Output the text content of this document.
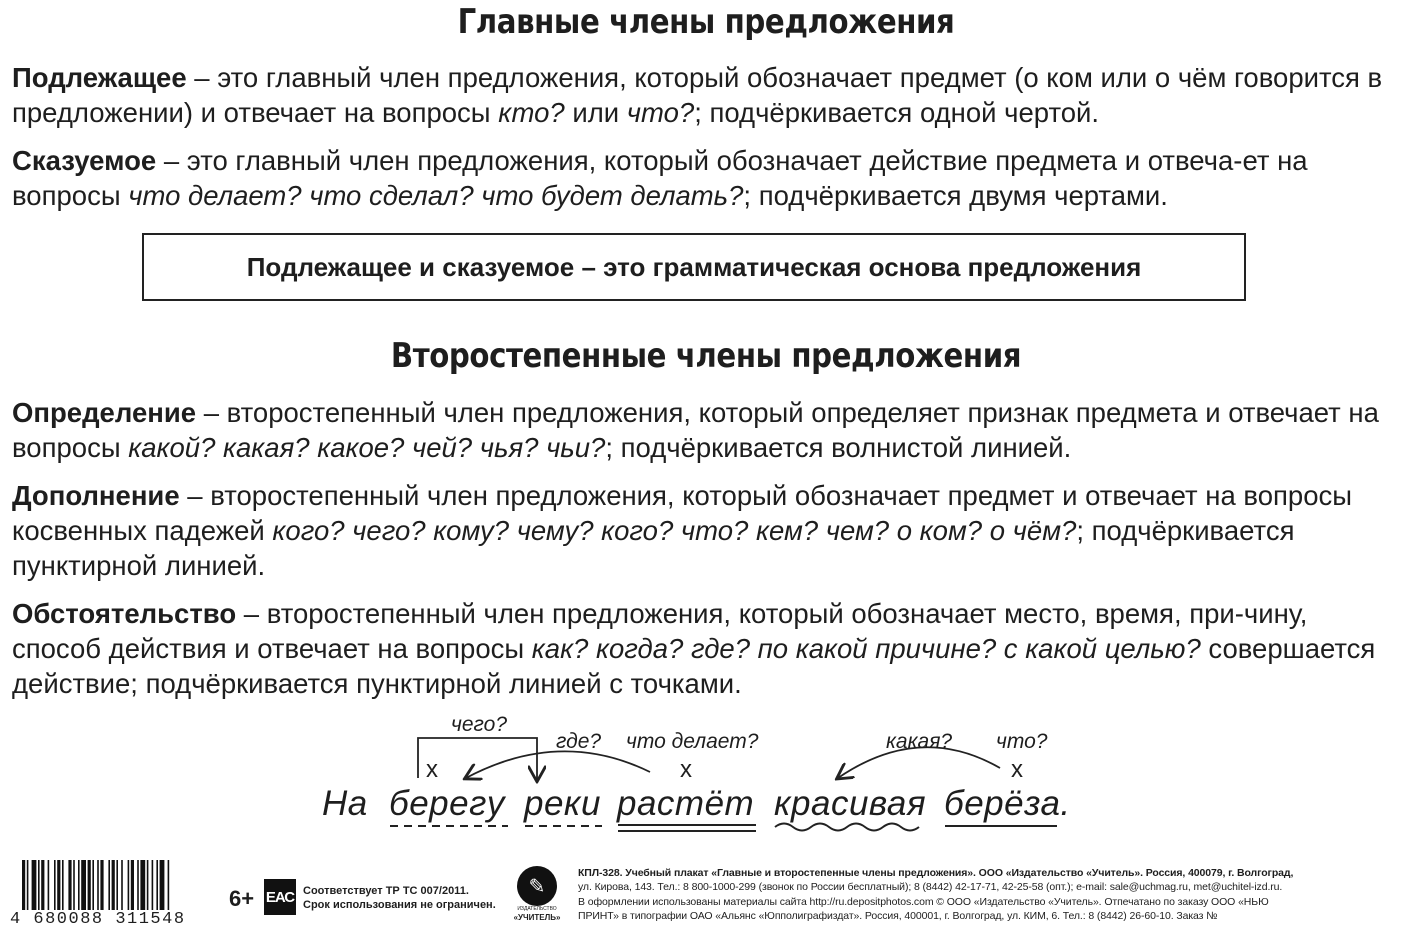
Главные члены предложения

Подлежащее – это главный член предложения, который обозначает предмет (о ком или о чём говорится в предложении) и отвечает на вопросы кто? или что?; подчёркивается одной чертой.

Сказуемое – это главный член предложения, который обозначает действие предмета и отвеча-ет на вопросы что делает? что сделал? что будет делать?; подчёркивается двумя чертами.

Подлежащее и сказуемое – это грамматическая основа предложения
Второстепенные члены предложения

Определение – второстепенный член предложения, который определяет признак предмета и отвечает на вопросы какой? какая? какое? чей? чья? чьи?; подчёркивается волнистой линией.

Дополнение – второстепенный член предложения, который обозначает предмет и отвечает на вопросы косвенных падежей кого? чего? кому? чему? кого? что? кем? чем? о ком? о чём?; подчёркивается пунктирной линией.

Обстоятельство – второстепенный член предложения, который обозначает место, время, при-чину, способ действия и отвечает на вопросы как? когда? где? по какой причине? с какой целью? совершается действие; подчёркивается пунктирной линией с точками.

чего?
где? что делает?	какая? что?
x	x	x
На берегу реки растёт красивая берёза.
4 680088 311548
6+ ЕАС Соответствует ТР ТС 007/2011.
Срок использования не ограничен.
✎
ИЗДАТЕЛЬСТВО
«УЧИТЕЛЬ»
КПЛ-328. Учебный плакат «Главные и второстепенные члены предложения». ООО «Издательство «Учитель». Россия, 400079, г. Волгоград,
ул. Кирова, 143. Тел.: 8 800-1000-299 (звонок по России бесплатный); 8 (8442) 42-17-71, 42-25-58 (опт.); e-mail: sale@uchmag.ru, met@uchitel-izd.ru.
В оформлении использованы материалы сайта http://ru.depositphotos.com © ООО «Издательство «Учитель». Отпечатано по заказу ООО «НЬЮ
ПРИНТ» в типографии ОАО «Альянс «Юпполиграфиздат». Россия, 400001, г. Волгоград, ул. КИМ, 6. Тел.: 8 (8442) 26-60-10. Заказ №
